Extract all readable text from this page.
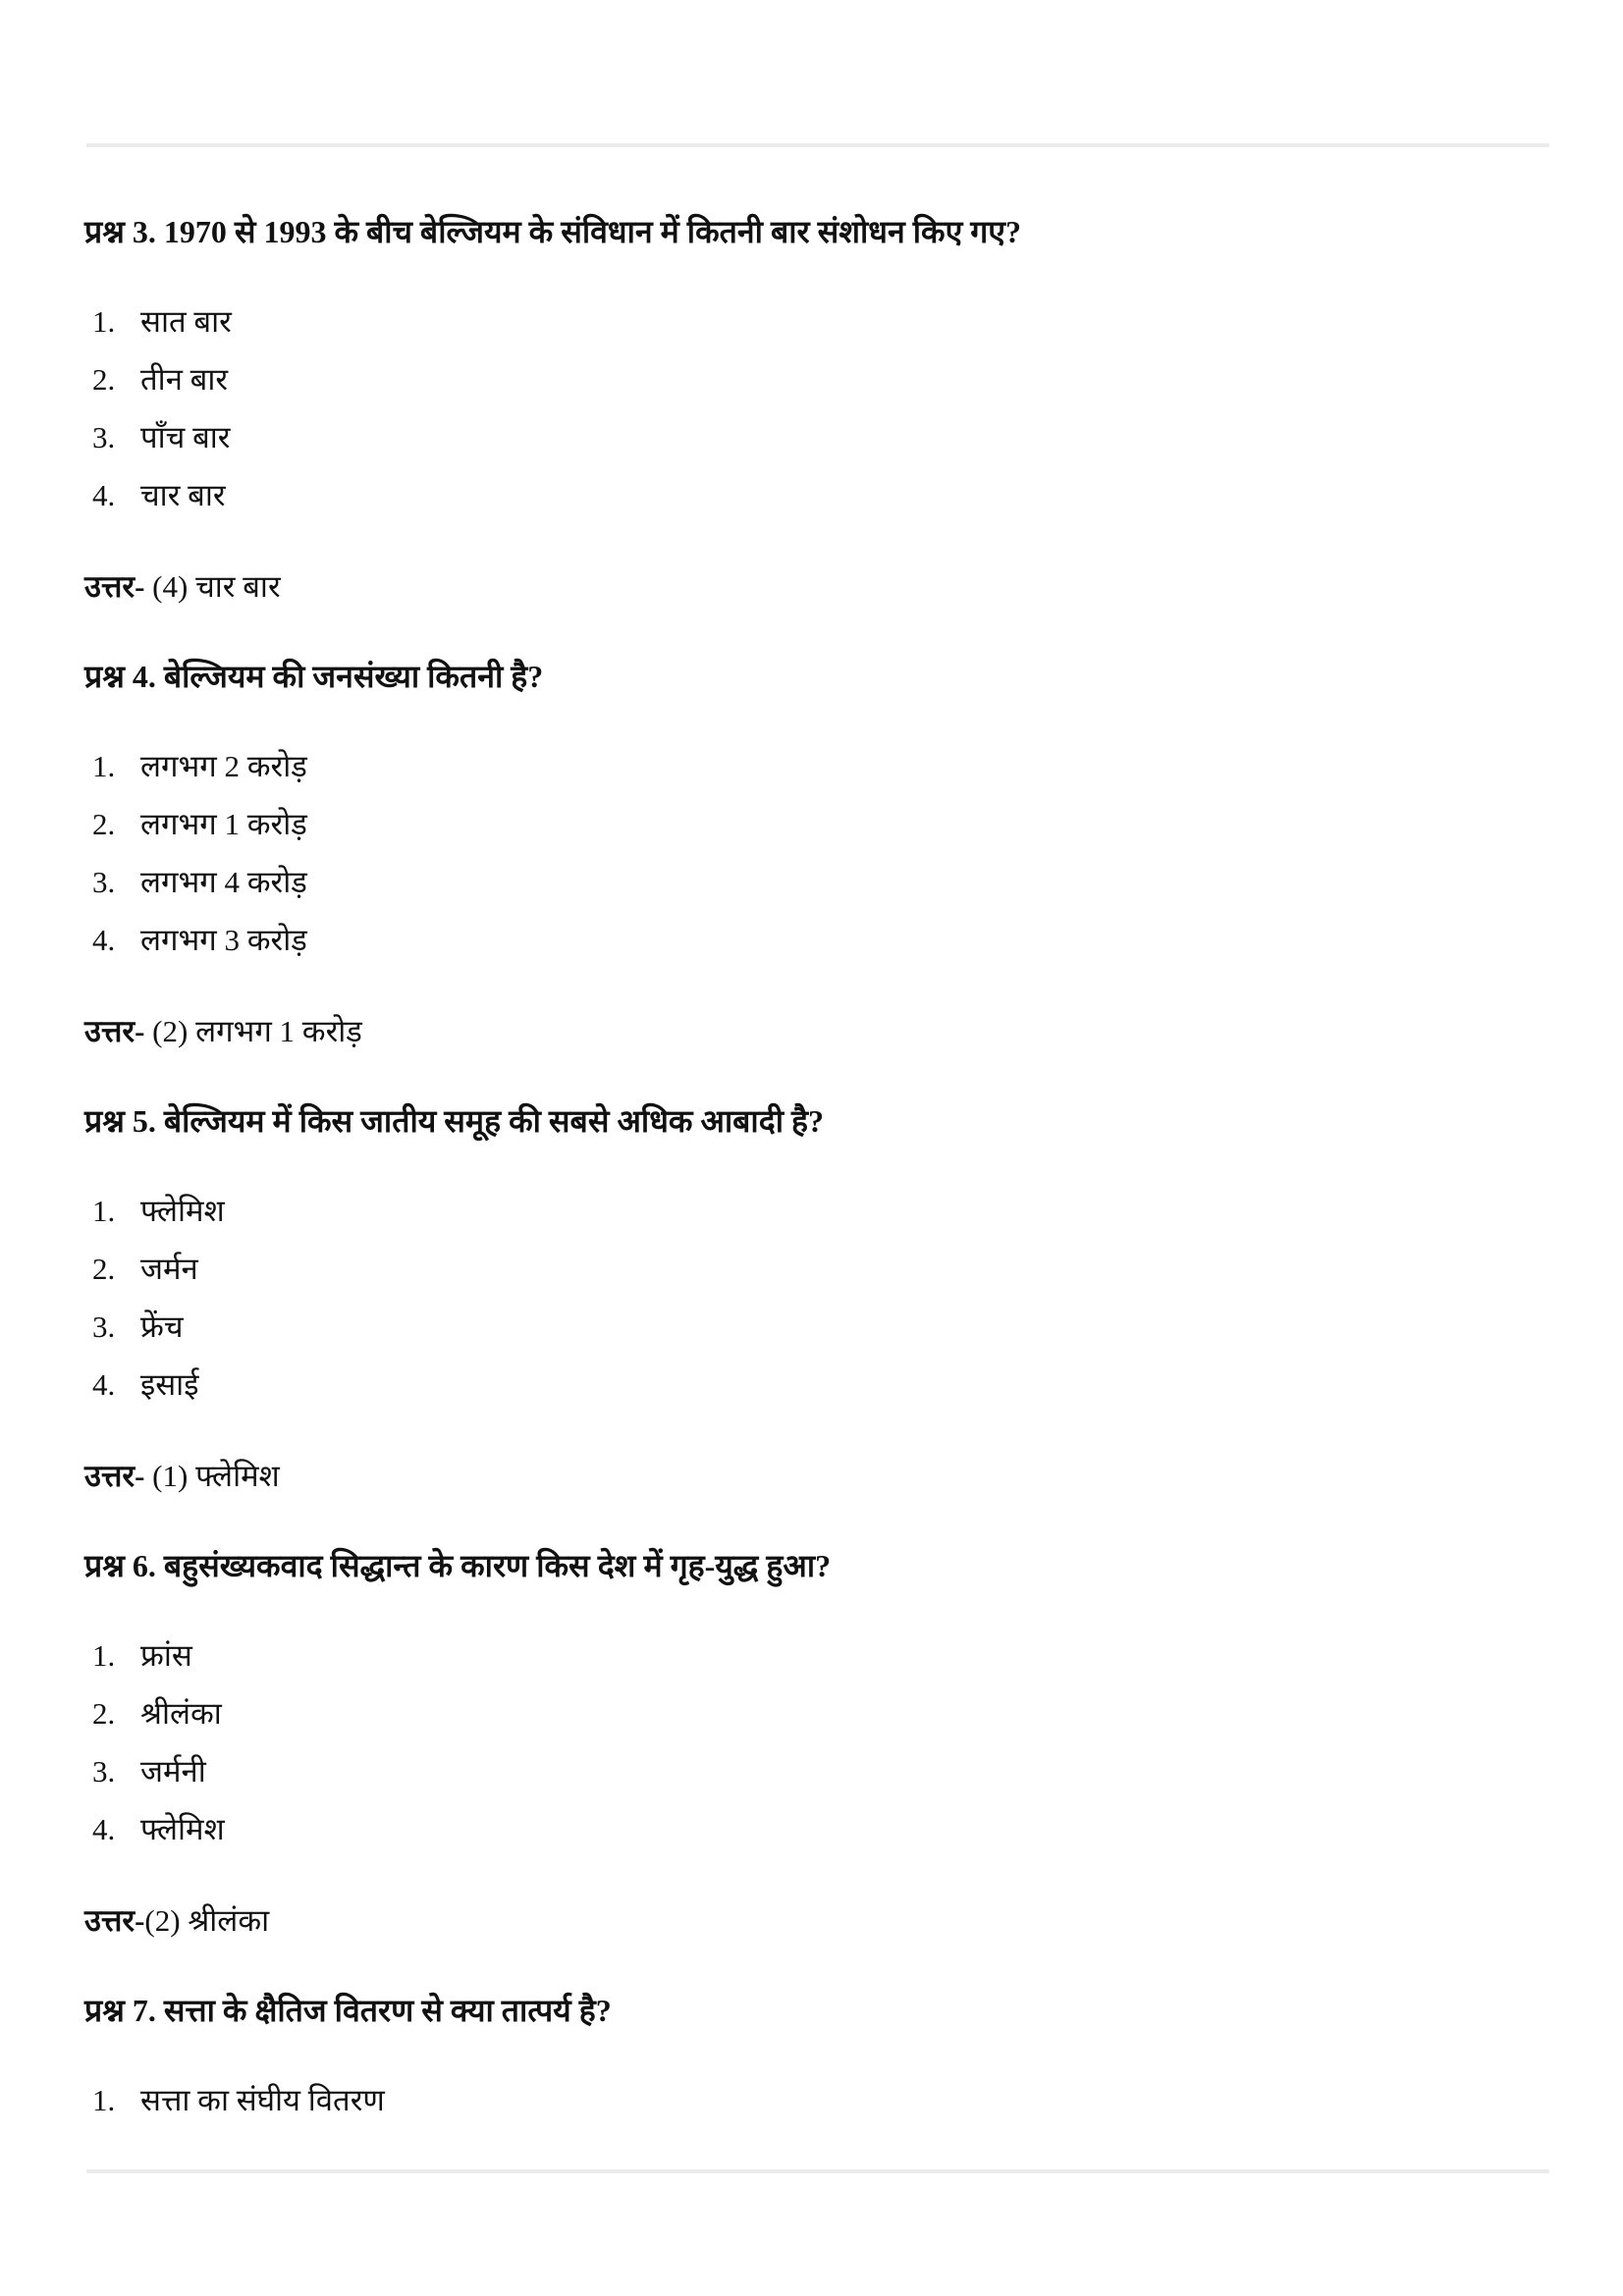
प्रश्न 3. 1970 से 1993 के बीच बेल्जियम के संविधान में कितनी बार संशोधन किए गए?

1. सात बार
2. तीन बार
3. पाँच बार
4. चार बार
उत्तर- (4) चार बार

प्रश्न 4. बेल्जियम की जनसंख्या कितनी है?

1. लगभग 2 करोड़
2. लगभग 1 करोड़
3. लगभग 4 करोड़
4. लगभग 3 करोड़
उत्तर- (2) लगभग 1 करोड़

प्रश्न 5. बेल्जियम में किस जातीय समूह की सबसे अधिक आबादी है?

1. फ्लेमिश
2. जर्मन
3. फ्रेंच
4. इसाई
उत्तर- (1) फ्लेमिश

प्रश्न 6. बहुसंख्यकवाद सिद्धान्त के कारण किस देश में गृह-युद्ध हुआ?

1. फ्रांस
2. श्रीलंका
3. जर्मनी
4. फ्लेमिश
उत्तर-(2) श्रीलंका

प्रश्न 7. सत्ता के क्षैतिज वितरण से क्या तात्पर्य है?

1. सत्ता का संघीय वितरण
